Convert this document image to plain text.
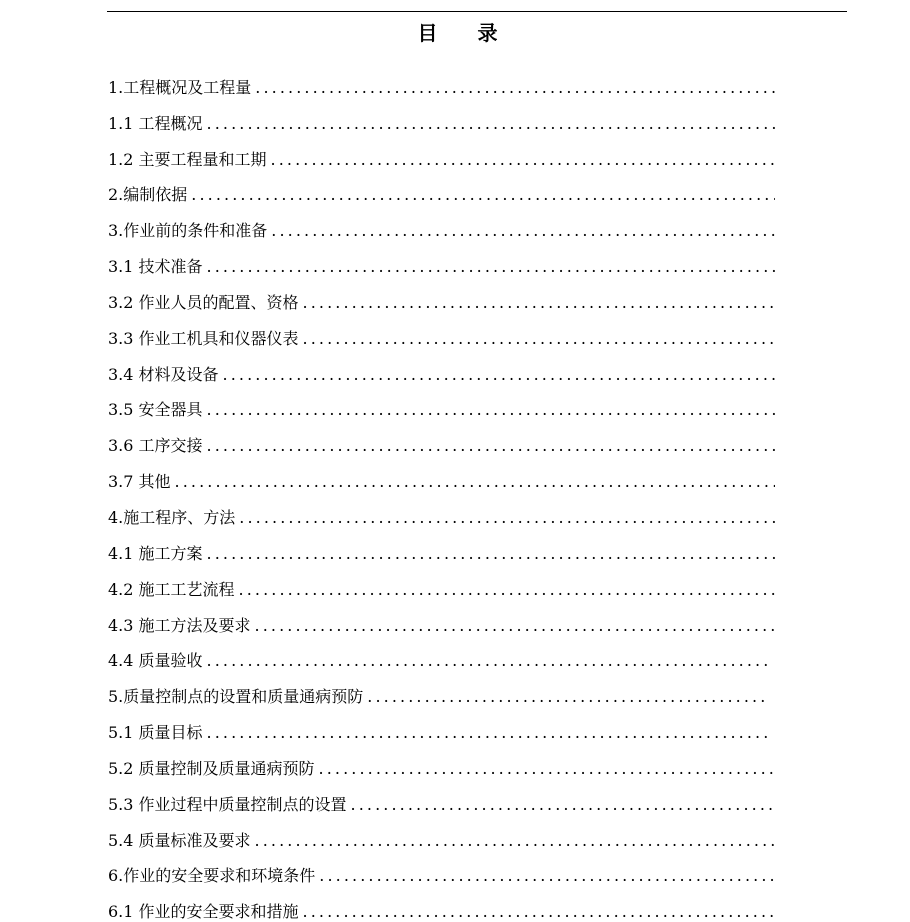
目录
1.工程概况及工程量
.....
1.1 工程概况
.....
1.2 主要工程量和工期
.....
2.编制依据
.....
3.作业前的条件和准备
.....
3.1 技术准备
.....
3.2 作业人员的配置、资格
.....
3.3 作业工机具和仪器仪表
.....
3.4 材料及设备
.....
3.5 安全器具
.....
3.6 工序交接
.....
3.7 其他
.....
4.施工程序、方法
.....
4.1 施工方案
.....
4.2 施工工艺流程
.....
4.3 施工方法及要求
.....
4.4 质量验收
.....
5.质量控制点的设置和质量通病预防
.....
5.1 质量目标
.....
5.2 质量控制及质量通病预防
.....
5.3 作业过程中质量控制点的设置
.....
5.4 质量标准及要求
.....
6.作业的安全要求和环境条件
.....
6.1 作业的安全要求和措施
.....
